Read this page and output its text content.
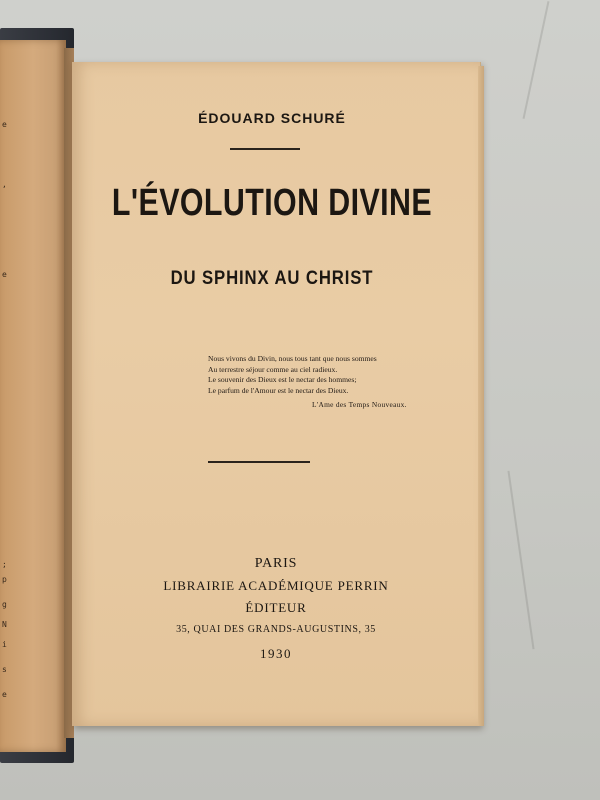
e
,
e
;
p
g
N
i
s
e
ÉDOUARD SCHURÉ
L'ÉVOLUTION DIVINE
DU SPHINX AU CHRIST
Nous vivons du Divin, nous tous tant que nous sommes
Au terrestre séjour comme au ciel radieux.
Le souvenir des Dieux est le nectar des hommes;
Le parfum de l'Amour est le nectar des Dieux.
L'Ame des Temps Nouveaux.
PARIS
LIBRAIRIE ACADÉMIQUE PERRIN
ÉDITEUR
35, QUAI DES GRANDS-AUGUSTINS, 35
1930
